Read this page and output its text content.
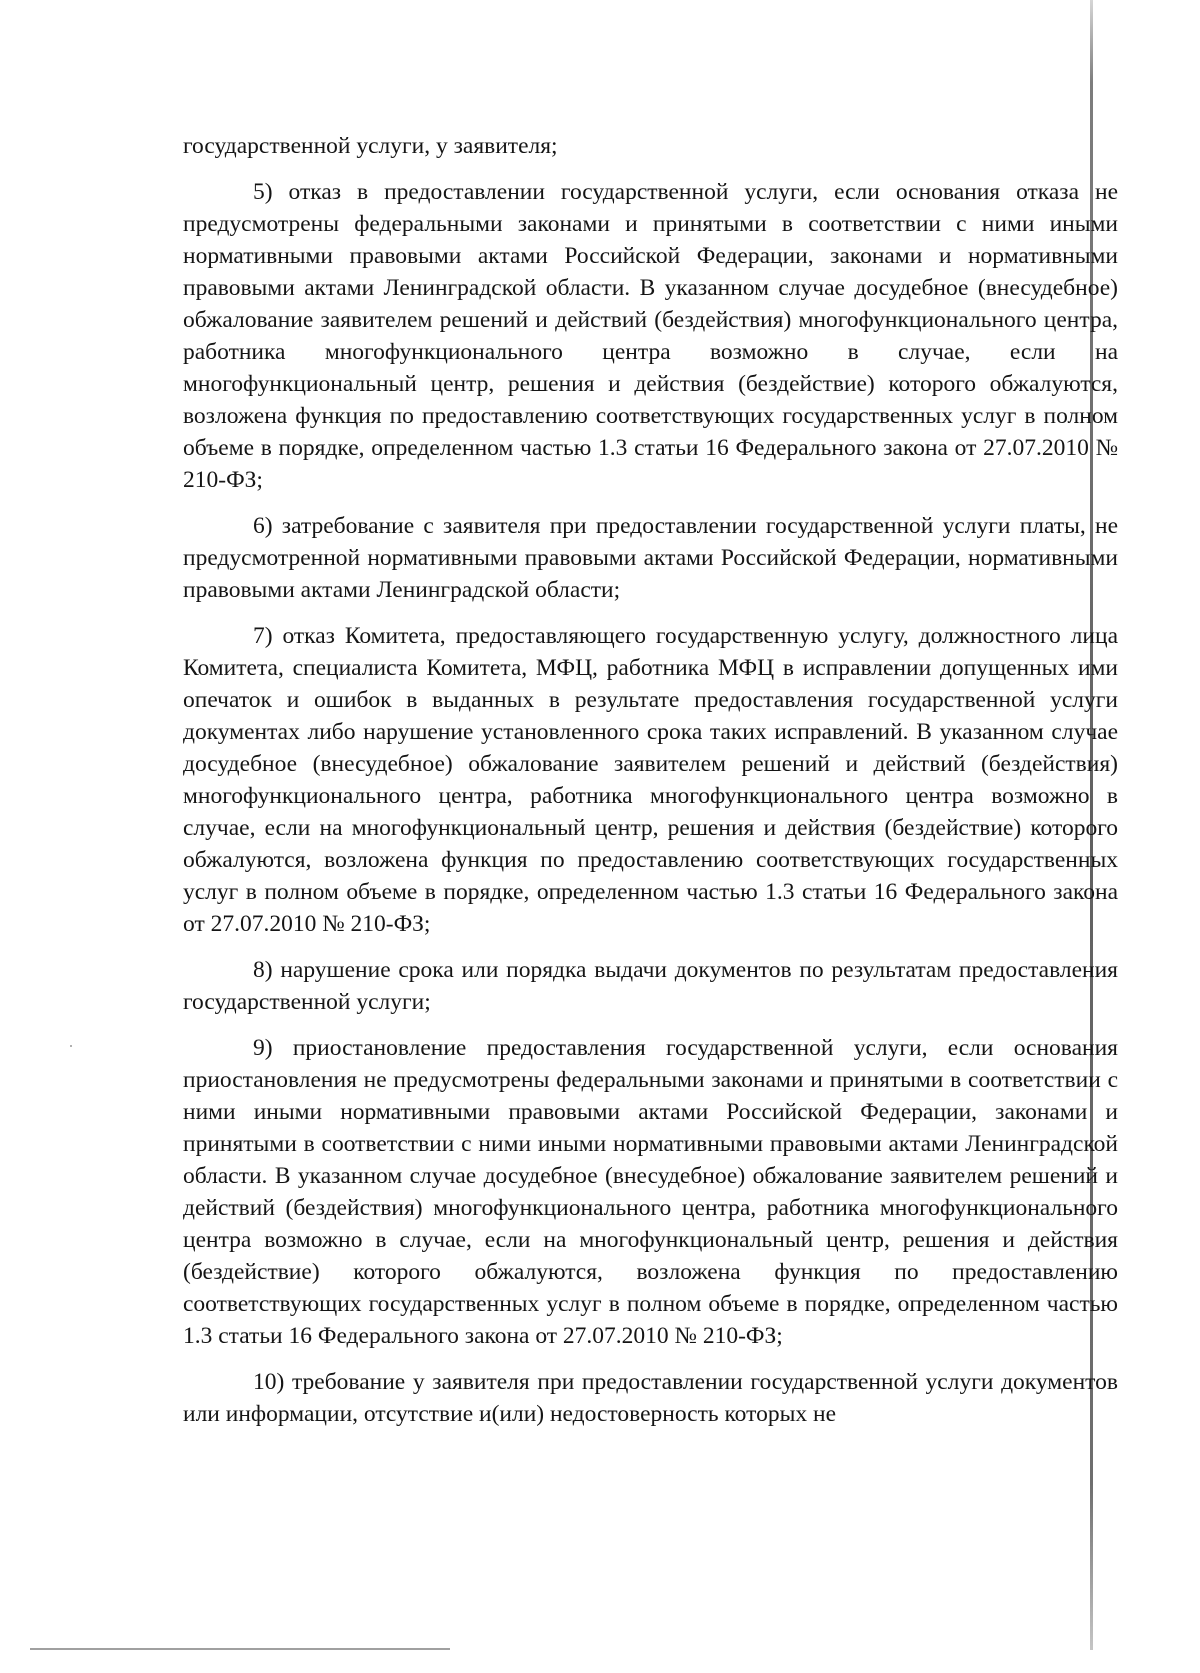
государственной услуги, у заявителя;

5) отказ в предоставлении государственной услуги, если основания отказа не предусмотрены федеральными законами и принятыми в соответствии с ними иными нормативными правовыми актами Российской Федерации, законами и нормативными правовыми актами Ленинградской области. В указанном случае досудебное (внесудебное) обжалование заявителем решений и действий (бездействия) многофункционального центра, работника многофункционального центра возможно в случае, если на многофункциональный центр, решения и действия (бездействие) которого обжалуются, возложена функция по предоставлению соответствующих государственных услуг в полном объеме в порядке, определенном частью 1.3 статьи 16 Федерального закона от 27.07.2010 № 210-ФЗ;

6) затребование с заявителя при предоставлении государственной услуги платы, не предусмотренной нормативными правовыми актами Российской Федерации, нормативными правовыми актами Ленинградской области;

7) отказ Комитета, предоставляющего государственную услугу, должностного лица Комитета, специалиста Комитета, МФЦ, работника МФЦ в исправлении допущенных ими опечаток и ошибок в выданных в результате предоставления государственной услуги документах либо нарушение установленного срока таких исправлений. В указанном случае досудебное (внесудебное) обжалование заявителем решений и действий (бездействия) многофункционального центра, работника многофункционального центра возможно в случае, если на многофункциональный центр, решения и действия (бездействие) которого обжалуются, возложена функция по предоставлению соответствующих государственных услуг в полном объеме в порядке, определенном частью 1.3 статьи 16 Федерального закона от 27.07.2010 № 210-ФЗ;

8) нарушение срока или порядка выдачи документов по результатам предоставления государственной услуги;

9) приостановление предоставления государственной услуги, если основания приостановления не предусмотрены федеральными законами и принятыми в соответствии с ними иными нормативными правовыми актами Российской Федерации, законами и принятыми в соответствии с ними иными нормативными правовыми актами Ленинградской области. В указанном случае досудебное (внесудебное) обжалование заявителем решений и действий (бездействия) многофункционального центра, работника многофункционального центра возможно в случае, если на многофункциональный центр, решения и действия (бездействие) которого обжалуются, возложена функция по предоставлению соответствующих государственных услуг в полном объеме в порядке, определенном частью 1.3 статьи 16 Федерального закона от 27.07.2010 № 210-ФЗ;

10) требование у заявителя при предоставлении государственной услуги документов или информации, отсутствие и(или) недостоверность которых не
